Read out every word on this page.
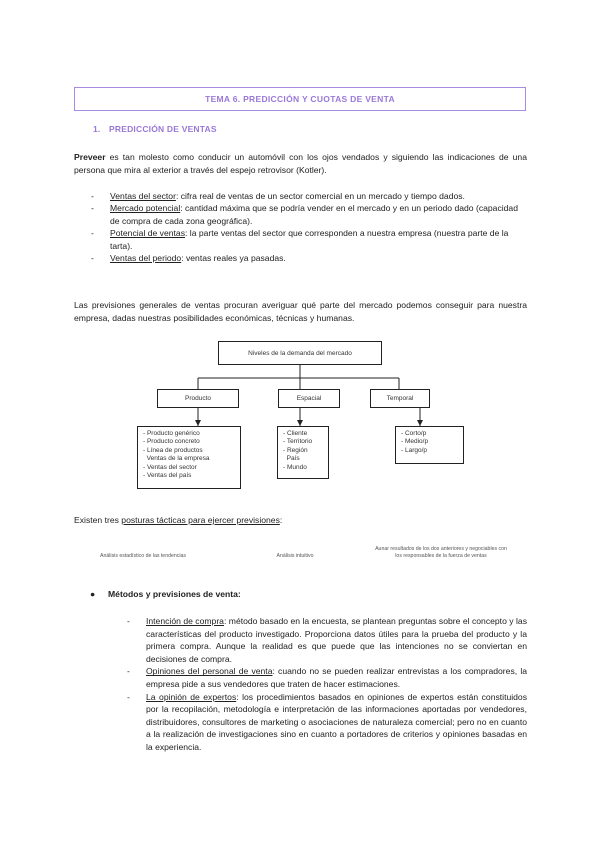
TEMA 6. PREDICCIÓN Y CUOTAS DE VENTA
1. PREDICCIÓN DE VENTAS
Preveer es tan molesto como conducir un automóvil con los ojos vendados y siguiendo las indicaciones de una persona que mira al exterior a través del espejo retrovisor (Kotler).
- Ventas del sector: cifra real de ventas de un sector comercial en un mercado y tiempo dados.
- Mercado potencial: cantidad máxima que se podría vender en el mercado y en un periodo dado (capacidad de compra de cada zona geográfica).
- Potencial de ventas: la parte ventas del sector que corresponden a nuestra empresa (nuestra parte de la tarta).
- Ventas del periodo: ventas reales ya pasadas.
Las previsiones generales de ventas procuran averiguar qué parte del mercado podemos conseguir para nuestra empresa, dadas nuestras posibilidades económicas, técnicas y humanas.
Niveles de la demanda del mercado
Producto	Espacial	Temporal
- Producto genérico
- Producto concreto
- Línea de productos
Ventas de la empresa
- Ventas del sector
- Ventas del país
- Cliente
- Territorio
- Región
País
- Mundo
- Corto/p
- Medio/p
- Largo/p
Existen tres posturas tácticas para ejercer previsiones:
Análisis estadístico de las tendencias	Análisis intuitivo
Aunar resultados de los dos anteriores y negociables con los responsables de la fuerza de ventas
● Métodos y previsiones de venta:
- Intención de compra: método basado en la encuesta, se plantean preguntas sobre el concepto y las características del producto investigado. Proporciona datos útiles para la prueba del producto y la primera compra. Aunque la realidad es que puede que las intenciones no se conviertan en decisiones de compra.
- Opiniones del personal de venta: cuando no se pueden realizar entrevistas a los compradores, la empresa pide a sus vendedores que traten de hacer estimaciones.
- La opinión de expertos: los procedimientos basados en opiniones de expertos están constituidos por la recopilación, metodología e interpretación de las informaciones aportadas por vendedores, distribuidores, consultores de marketing o asociaciones de naturaleza comercial; pero no en cuanto a la realización de investigaciones sino en cuanto a portadores de criterios y opiniones basadas en la experiencia.
